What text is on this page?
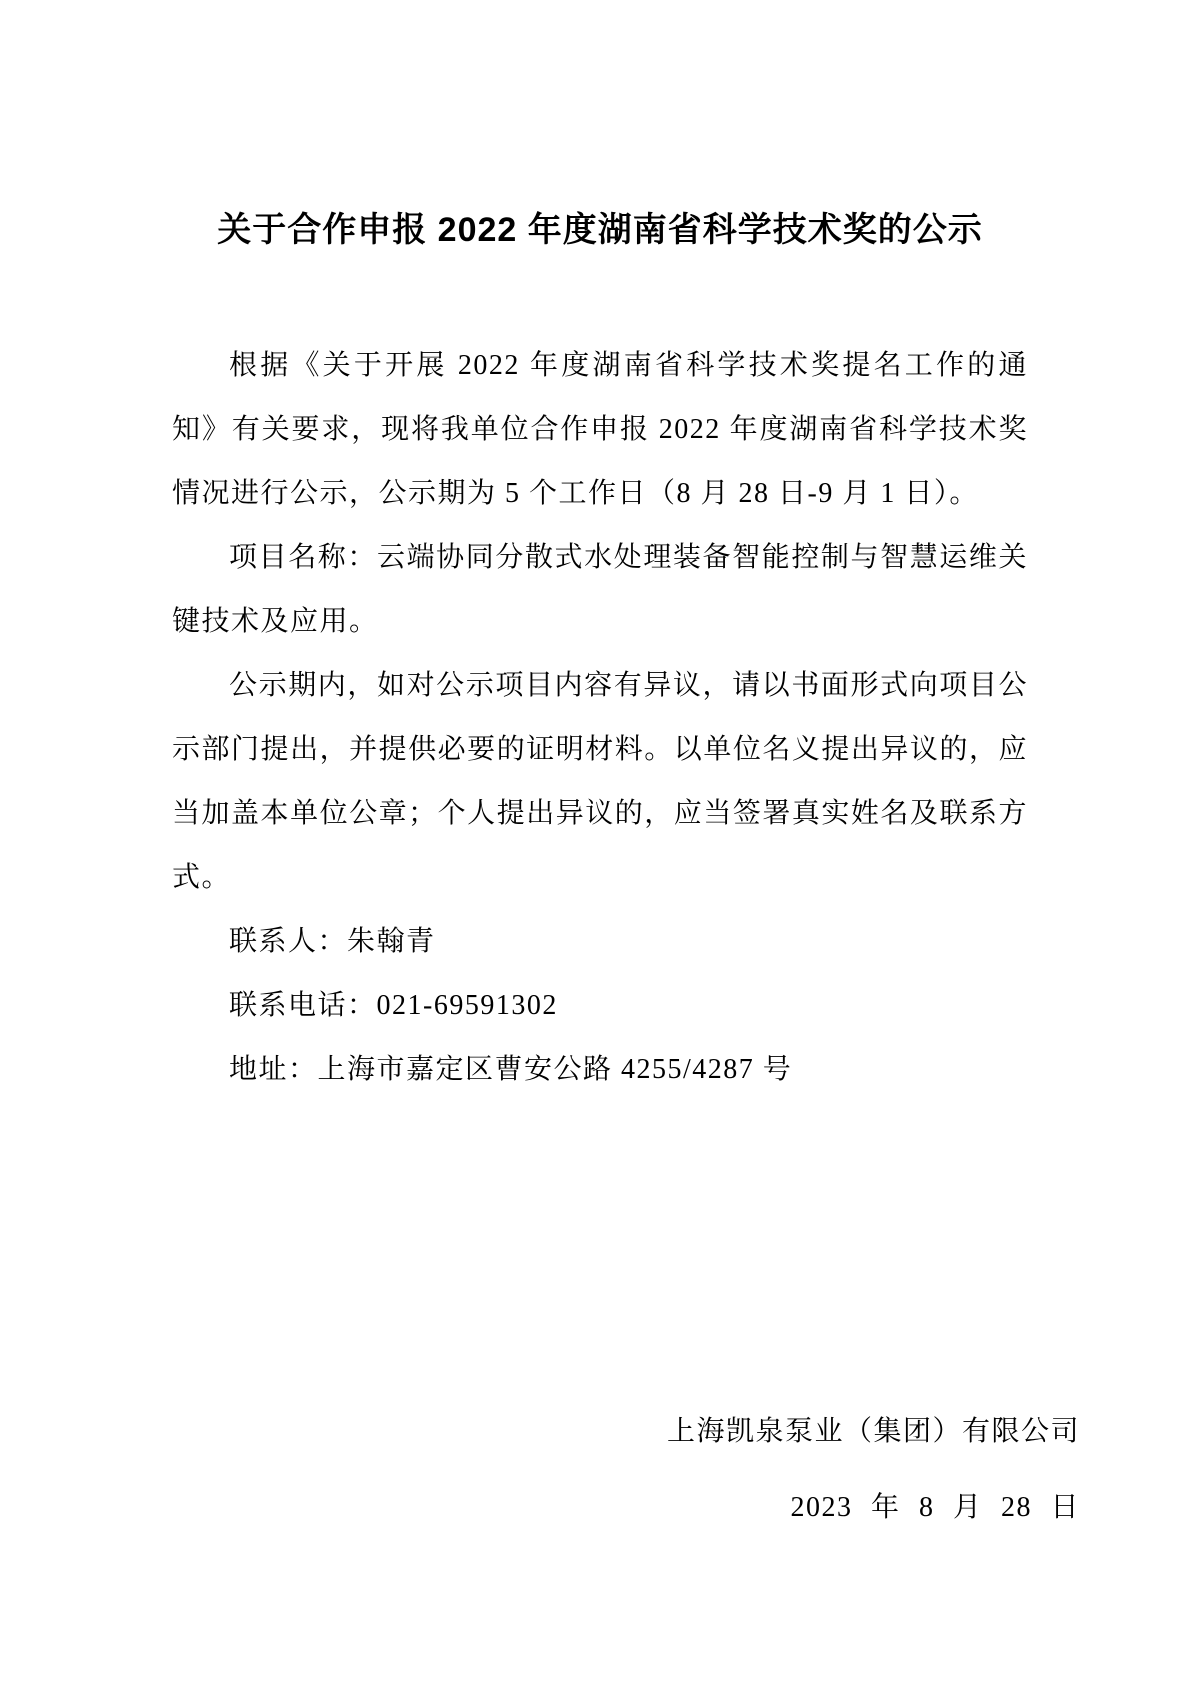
关于合作申报 2022 年度湖南省科学技术奖的公示

根据《关于开展 2022 年度湖南省科学技术奖提名工作的通知》有关要求，现将我单位合作申报 2022 年度湖南省科学技术奖情况进行公示，公示期为 5 个工作日（8 月 28 日-9 月 1 日）。

项目名称：云端协同分散式水处理装备智能控制与智慧运维关键技术及应用。

公示期内，如对公示项目内容有异议，请以书面形式向项目公示部门提出，并提供必要的证明材料。以单位名义提出异议的，应当加盖本单位公章；个人提出异议的，应当签署真实姓名及联系方式。

联系人：朱翰青

联系电话：021-69591302

地址：上海市嘉定区曹安公路 4255/4287 号

上海凯泉泵业（集团）有限公司

2023 年 8 月 28 日
